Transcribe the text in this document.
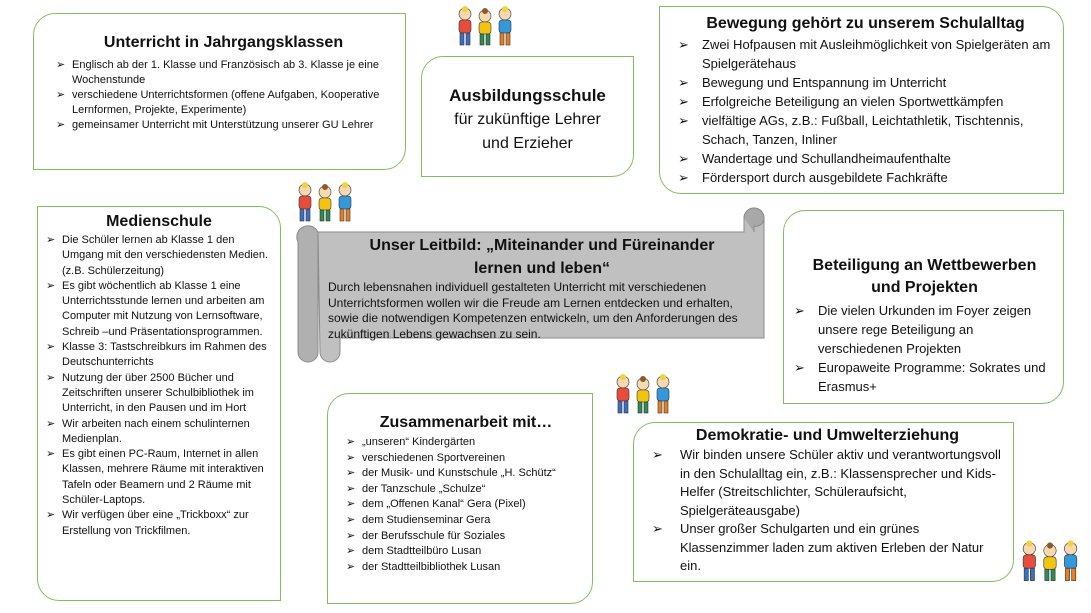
Unterricht in Jahrgangsklassen
➢ Englisch ab der 1. Klasse und Französisch ab 3. Klasse je eine Wochenstunde
➢ verschiedene Unterrichtsformen (offene Aufgaben, Kooperative Lernformen, Projekte, Experimente)
➢ gemeinsamer Unterricht mit Unterstützung unserer GU Lehrer
Ausbildungsschule
für zukünftige Lehrer
und Erzieher
Bewegung gehört zu unserem Schulalltag
➢ Zwei Hofpausen mit Ausleihmöglichkeit von Spielgeräten am Spielgerätehaus
➢ Bewegung und Entspannung im Unterricht
➢ Erfolgreiche Beteiligung an vielen Sportwettkämpfen
➢ vielfältige AGs, z.B.: Fußball, Leichtathletik, Tischtennis, Schach, Tanzen, Inliner
➢ Wandertage und Schullandheimaufenthalte
➢ Fördersport durch ausgebildete Fachkräfte
Medienschule
➢ Die Schüler lernen ab Klasse 1 den Umgang mit den verschiedensten Medien. (z.B. Schülerzeitung)
➢ Es gibt wöchentlich ab Klasse 1 eine Unterrichtsstunde lernen und arbeiten am Computer mit Nutzung von Lernsoftware, Schreib –und Präsentationsprogrammen.
➢ Klasse 3: Tastschreibkurs im Rahmen des Deutschunterrichts
➢ Nutzung der über 2500 Bücher und Zeitschriften unserer Schulbibliothek im Unterricht, in den Pausen und im Hort
➢ Wir arbeiten nach einem schulinternen Medienplan.
➢ Es gibt einen PC-Raum, Internet in allen Klassen, mehrere Räume mit interaktiven Tafeln oder Beamern und 2 Räume mit Schüler-Laptops.
➢ Wir verfügen über eine „Trickboxx“ zur Erstellung von Trickfilmen.
Unser Leitbild: „Miteinander und Füreinander
lernen und leben“

Durch lebensnahen individuell gestalteten Unterricht mit verschiedenen Unterrichtsformen wollen wir die Freude am Lernen entdecken und erhalten, sowie die notwendigen Kompetenzen entwickeln, um den Anforderungen des zukünftigen Lebens gewachsen zu sein.

Beteiligung an Wettbewerben
und Projekten
➢ Die vielen Urkunden im Foyer zeigen unsere rege Beteiligung an verschiedenen Projekten
➢ Europaweite Programme: Sokrates und Erasmus+
Zusammenarbeit mit…
➢ „unseren“ Kindergärten
➢ verschiedenen Sportvereinen
➢ der Musik- und Kunstschule „H. Schütz“
➢ der Tanzschule „Schulze“
➢ dem „Offenen Kanal“ Gera (Pixel)
➢ dem Studienseminar Gera
➢ der Berufsschule für Soziales
➢ dem Stadtteilbüro Lusan
➢ der Stadtteilbibliothek Lusan
Demokratie- und Umwelterziehung
➢ Wir binden unsere Schüler aktiv und verantwortungsvoll in den Schulalltag ein, z.B.: Klassensprecher und Kids-Helfer (Streitschlichter, Schüleraufsicht, Spielgeräteausgabe)
➢ Unser großer Schulgarten und ein grünes Klassenzimmer laden zum aktiven Erleben der Natur ein.
